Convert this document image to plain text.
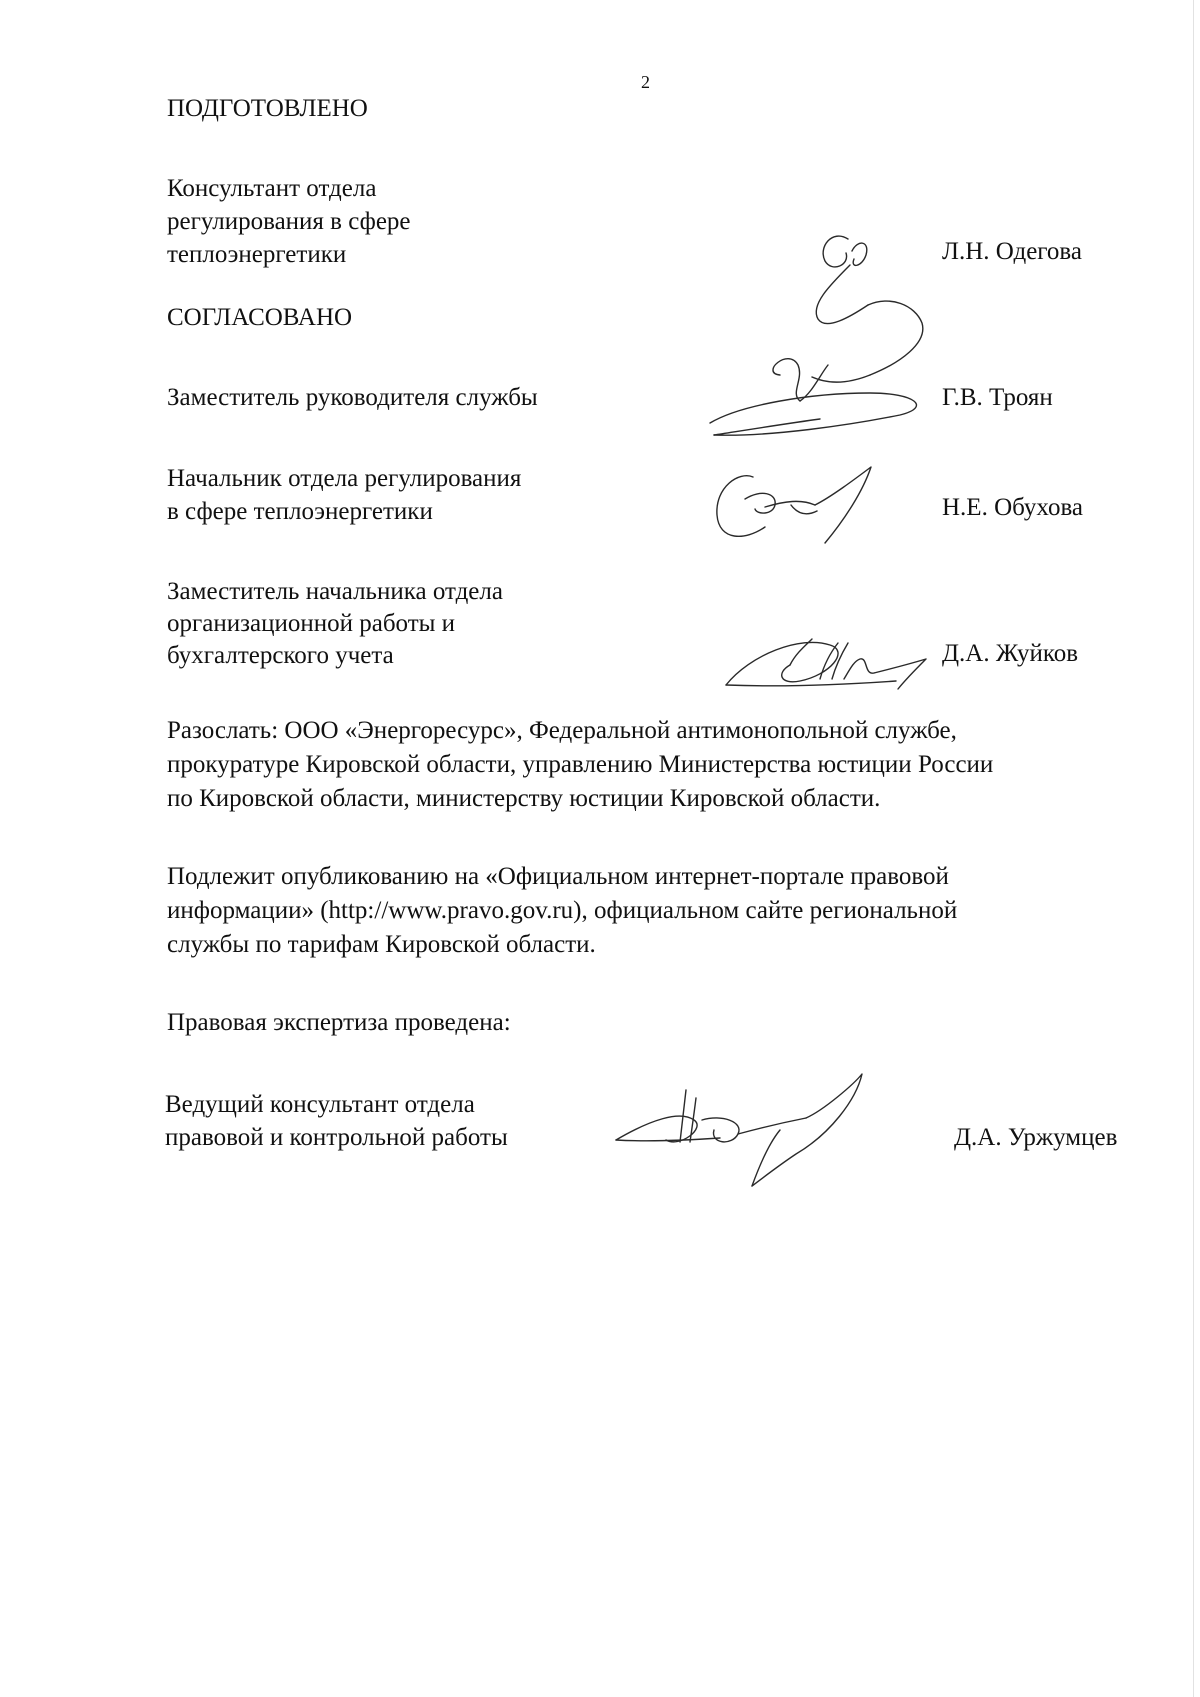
2
ПОДГОТОВЛЕНО
Консультант отдела
регулирования в сфере
теплоэнергетики	Л.Н. Одегова
СОГЛАСОВАНО
Заместитель руководителя службы	Г.В. Троян
Начальник отдела регулирования
в сфере теплоэнергетики	Н.Е. Обухова
Заместитель начальника отдела
организационной работы и
бухгалтерского учета	Д.А. Жуйков
Разослать: ООО «Энергоресурс», Федеральной антимонопольной службе,
прокуратуре Кировской области, управлению Министерства юстиции России
по Кировской области, министерству юстиции Кировской области.
Подлежит опубликованию на «Официальном интернет-портале правовой
информации» (http://www.pravo.gov.ru), официальном сайте региональной
службы по тарифам Кировской области.
Правовая экспертиза проведена:
Ведущий консультант отдела
правовой и контрольной работы	Д.А. Уржумцев
